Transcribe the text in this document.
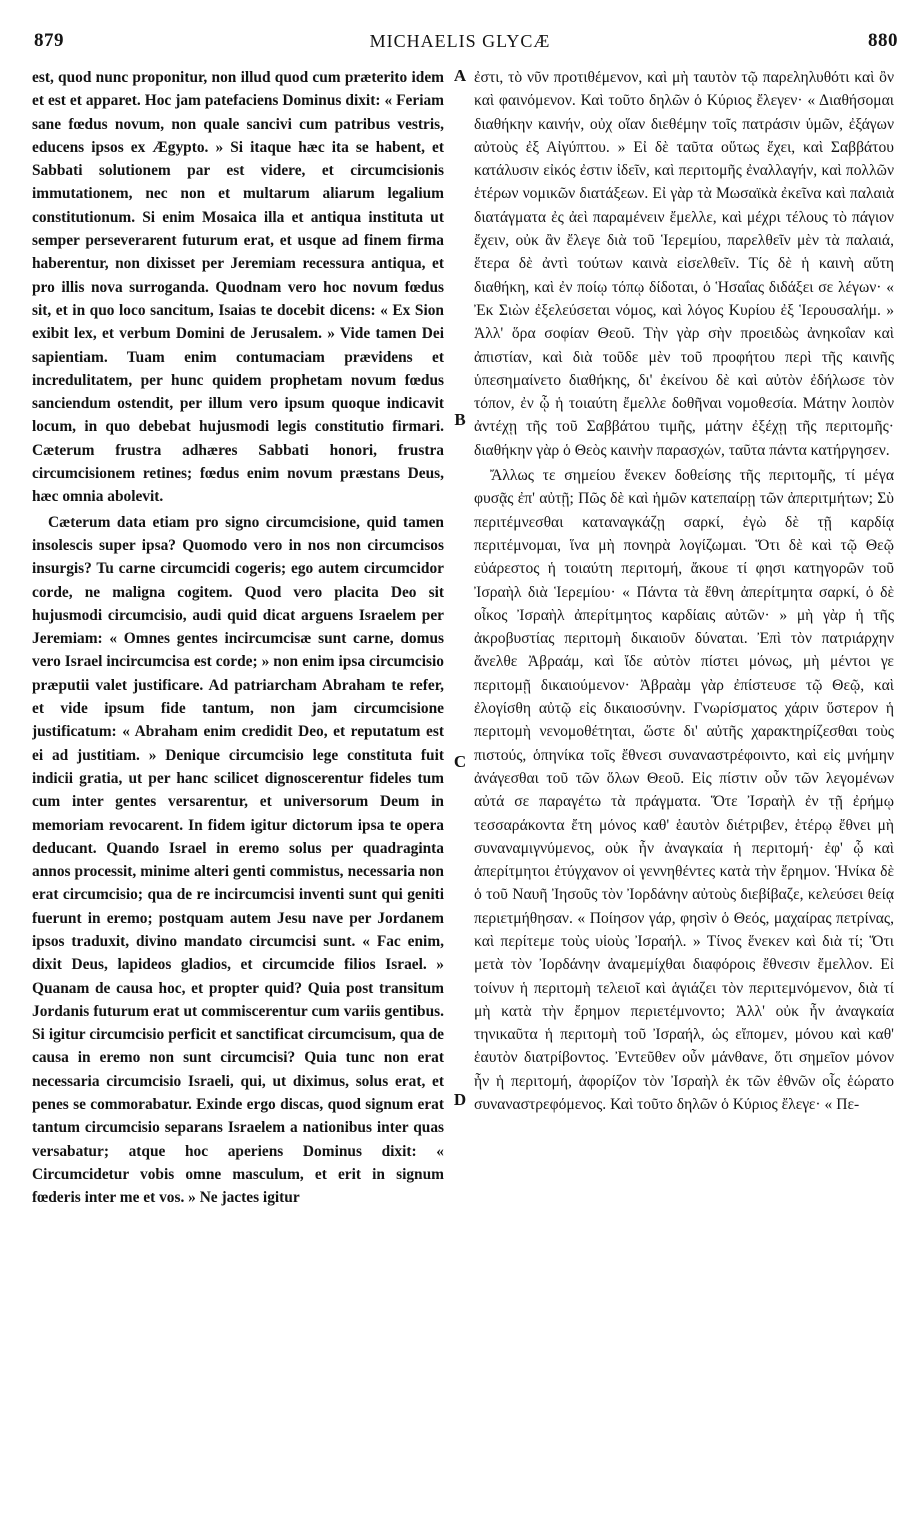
879	MICHAELIS GLYCÆ	880

est, quod nunc proponitur, non illud quod cum præterito idem et est et apparet. Hoc jam patefaciens Dominus dixit: « Feriam sane fœdus novum, non quale sancivi cum patribus vestris, educens ipsos ex Ægypto. » Si itaque hæc ita se habent, et Sabbati solutionem par est videre, et circumcisionis immutationem, nec non et multarum aliarum legalium constitutionum. Si enim Mosaica illa et antiqua instituta ut semper perseverarent futurum erat, et usque ad finem firma haberentur, non dixisset per Jeremiam recessura antiqua, et pro illis nova surroganda. Quodnam vero hoc novum fœdus sit, et in quo loco sancitum, Isaias te docebit dicens: « Ex Sion exibit lex, et verbum Domini de Jerusalem. » Vide tamen Dei sapientiam. Tuam enim contumaciam prævidens et incredulitatem, per hunc quidem prophetam novum fœdus sanciendum ostendit, per illum vero ipsum quoque indicavit locum, in quo debebat hujusmodi legis constitutio firmari. Cæterum frustra adhæres Sabbati honori, frustra circumcisionem retines; fœdus enim novum præstans Deus, hæc omnia abolevit.

Cæterum data etiam pro signo circumcisione, quid tamen insolescis super ipsa? Quomodo vero in nos non circumcisos insurgis? Tu carne circumcidi cogeris; ego autem circumcidor corde, ne maligna cogitem. Quod vero placita Deo sit hujusmodi circumcisio, audi quid dicat arguens Israelem per Jeremiam: « Omnes gentes incircumcisæ sunt carne, domus vero Israel incircumcisa est corde; » non enim ipsa circumcisio præputii valet justificare. Ad patriarcham Abraham te refer, et vide ipsum fide tantum, non jam circumcisione justificatum: « Abraham enim credidit Deo, et reputatum est ei ad justitiam. » Denique circumcisio lege constituta fuit indicii gratia, ut per hanc scilicet dignoscerentur fideles tum cum inter gentes versarentur, et universorum Deum in memoriam revocarent. In fidem igitur dictorum ipsa te opera deducant. Quando Israel in eremo solus per quadraginta annos processit, minime alteri genti commistus, necessaria non erat circumcisio; qua de re incircumcisi inventi sunt qui geniti fuerunt in eremo; postquam autem Jesu nave per Jordanem ipsos traduxit, divino mandato circumcisi sunt. « Fac enim, dixit Deus, lapideos gladios, et circumcide filios Israel. » Quanam de causa hoc, et propter quid? Quia post transitum Jordanis futurum erat ut commiscerentur cum variis gentibus. Si igitur circumcisio perficit et sanctificat circumcisum, qua de causa in eremo non sunt circumcisi? Quia tunc non erat necessaria circumcisio Israeli, qui, ut diximus, solus erat, et penes se commorabatur. Exinde ergo discas, quod signum erat tantum circumcisio separans Israelem a nationibus inter quas versabatur; atque hoc aperiens Dominus dixit: « Circumcidetur vobis omne masculum, et erit in signum fœderis inter me et vos. » Ne jactes igitur

A
B
C
D

ἐστι, τὸ νῦν προτιθέμενον, καὶ μὴ ταυτὸν τῷ παρεληλυθότι καὶ ὂν καὶ φαινόμενον. Καὶ τοῦτο δηλῶν ὁ Κύριος ἔλεγεν· « Διαθήσομαι διαθήκην καινήν, οὐχ οἵαν διεθέμην τοῖς πατράσιν ὑμῶν, ἐξάγων αὐτοὺς ἐξ Αἰγύπτου. » Εἰ δὲ ταῦτα οὕτως ἔχει, καὶ Σαββάτου κατάλυσιν εἰκός ἐστιν ἰδεῖν, καὶ περιτομῆς ἐναλλαγήν, καὶ πολλῶν ἑτέρων νομικῶν διατάξεων. Εἰ γὰρ τὰ Μωσαϊκὰ ἐκεῖνα καὶ παλαιὰ διατάγματα ἐς ἀεὶ παραμένειν ἔμελλε, καὶ μέχρι τέλους τὸ πάγιον ἔχειν, οὐκ ἂν ἔλεγε διὰ τοῦ Ἱερεμίου, παρελθεῖν μὲν τὰ παλαιά, ἕτερα δὲ ἀντὶ τούτων καινὰ εἰσελθεῖν. Τίς δὲ ἡ καινὴ αὕτη διαθήκη, καὶ ἐν ποίῳ τόπῳ δίδοται, ὁ Ἡσαΐας διδάξει σε λέγων· « Ἐκ Σιὼν ἐξελεύσεται νόμος, καὶ λόγος Κυρίου ἐξ Ἱερουσαλήμ. » Ἀλλ' ὅρα σοφίαν Θεοῦ. Τὴν γὰρ σὴν προειδὼς ἀνηκοΐαν καὶ ἀπιστίαν, καὶ διὰ τοῦδε μὲν τοῦ προφήτου περὶ τῆς καινῆς ὑπεσημαίνετο διαθήκης, δι' ἐκείνου δὲ καὶ αὐτὸν ἐδήλωσε τὸν τόπον, ἐν ᾧ ἡ τοιαύτη ἔμελλε δοθῆναι νομοθεσία. Μάτην λοιπὸν ἀντέχῃ τῆς τοῦ Σαββάτου τιμῆς, μάτην ἐξέχῃ τῆς περιτομῆς· διαθήκην γὰρ ὁ Θεὸς καινὴν παρασχών, ταῦτα πάντα κατήργησεν.

Ἄλλως τε σημείου ἕνεκεν δοθείσης τῆς περιτομῆς, τί μέγα φυσᾷς ἐπ' αὐτῇ; Πῶς δὲ καὶ ἡμῶν κατεπαίρῃ τῶν ἀπεριτμήτων; Σὺ περιτέμνεσθαι καταναγκάζῃ σαρκί, ἐγὼ δὲ τῇ καρδίᾳ περιτέμνομαι, ἵνα μὴ πονηρὰ λογίζωμαι. Ὅτι δὲ καὶ τῷ Θεῷ εὐάρεστος ἡ τοιαύτη περιτομή, ἄκουε τί φησι κατηγορῶν τοῦ Ἰσραὴλ διὰ Ἱερεμίου· « Πάντα τὰ ἔθνη ἀπερίτμητα σαρκί, ὁ δὲ οἶκος Ἰσραὴλ ἀπερίτμητος καρδίαις αὐτῶν· » μὴ γὰρ ἡ τῆς ἀκροβυστίας περιτομὴ δικαιοῦν δύναται. Ἐπὶ τὸν πατριάρχην ἄνελθε Ἀβραάμ, καὶ ἴδε αὐτὸν πίστει μόνως, μὴ μέντοι γε περιτομῇ δικαιούμενον· Ἀβραὰμ γὰρ ἐπίστευσε τῷ Θεῷ, καὶ ἐλογίσθη αὐτῷ εἰς δικαιοσύνην. Γνωρίσματος χάριν ὕστερον ἡ περιτομὴ νενομοθέτηται, ὥστε δι' αὐτῆς χαρακτηρίζεσθαι τοὺς πιστούς, ὁπηνίκα τοῖς ἔθνεσι συναναστρέφοιντο, καὶ εἰς μνήμην ἀνάγεσθαι τοῦ τῶν ὅλων Θεοῦ. Εἰς πίστιν οὖν τῶν λεγομένων αὐτά σε παραγέτω τὰ πράγματα. Ὅτε Ἰσραὴλ ἐν τῇ ἐρήμῳ τεσσαράκοντα ἔτη μόνος καθ' ἑαυτὸν διέτριβεν, ἑτέρῳ ἔθνει μὴ συναναμιγνύμενος, οὐκ ἦν ἀναγκαία ἡ περιτομή· ἐφ' ᾧ καὶ ἀπερίτμητοι ἐτύγχανον οἱ γεννηθέντες κατὰ τὴν ἔρημον. Ἡνίκα δὲ ὁ τοῦ Ναυῆ Ἰησοῦς τὸν Ἰορδάνην αὐτοὺς διεβίβαζε, κελεύσει θείᾳ περιετμήθησαν. « Ποίησον γάρ, φησὶν ὁ Θεός, μαχαίρας πετρίνας, καὶ περίτεμε τοὺς υἱοὺς Ἰσραήλ. » Τίνος ἕνεκεν καὶ διὰ τί; Ὅτι μετὰ τὸν Ἰορδάνην ἀναμεμίχθαι διαφόροις ἔθνεσιν ἔμελλον. Εἰ τοίνυν ἡ περιτομὴ τελειοῖ καὶ ἁγιάζει τὸν περιτεμνόμενον, διὰ τί μὴ κατὰ τὴν ἔρημον περιετέμνοντο; Ἀλλ' οὐκ ἦν ἀναγκαία τηνικαῦτα ἡ περιτομὴ τοῦ Ἰσραήλ, ὡς εἴπομεν, μόνου καὶ καθ' ἑαυτὸν διατρίβοντος. Ἐντεῦθεν οὖν μάνθανε, ὅτι σημεῖον μόνον ἦν ἡ περιτομή, ἀφορίζον τὸν Ἰσραὴλ ἐκ τῶν ἐθνῶν οἷς ἑώρατο συναναστρεφόμενος. Καὶ τοῦτο δηλῶν ὁ Κύριος ἔλεγε· « Πε-
